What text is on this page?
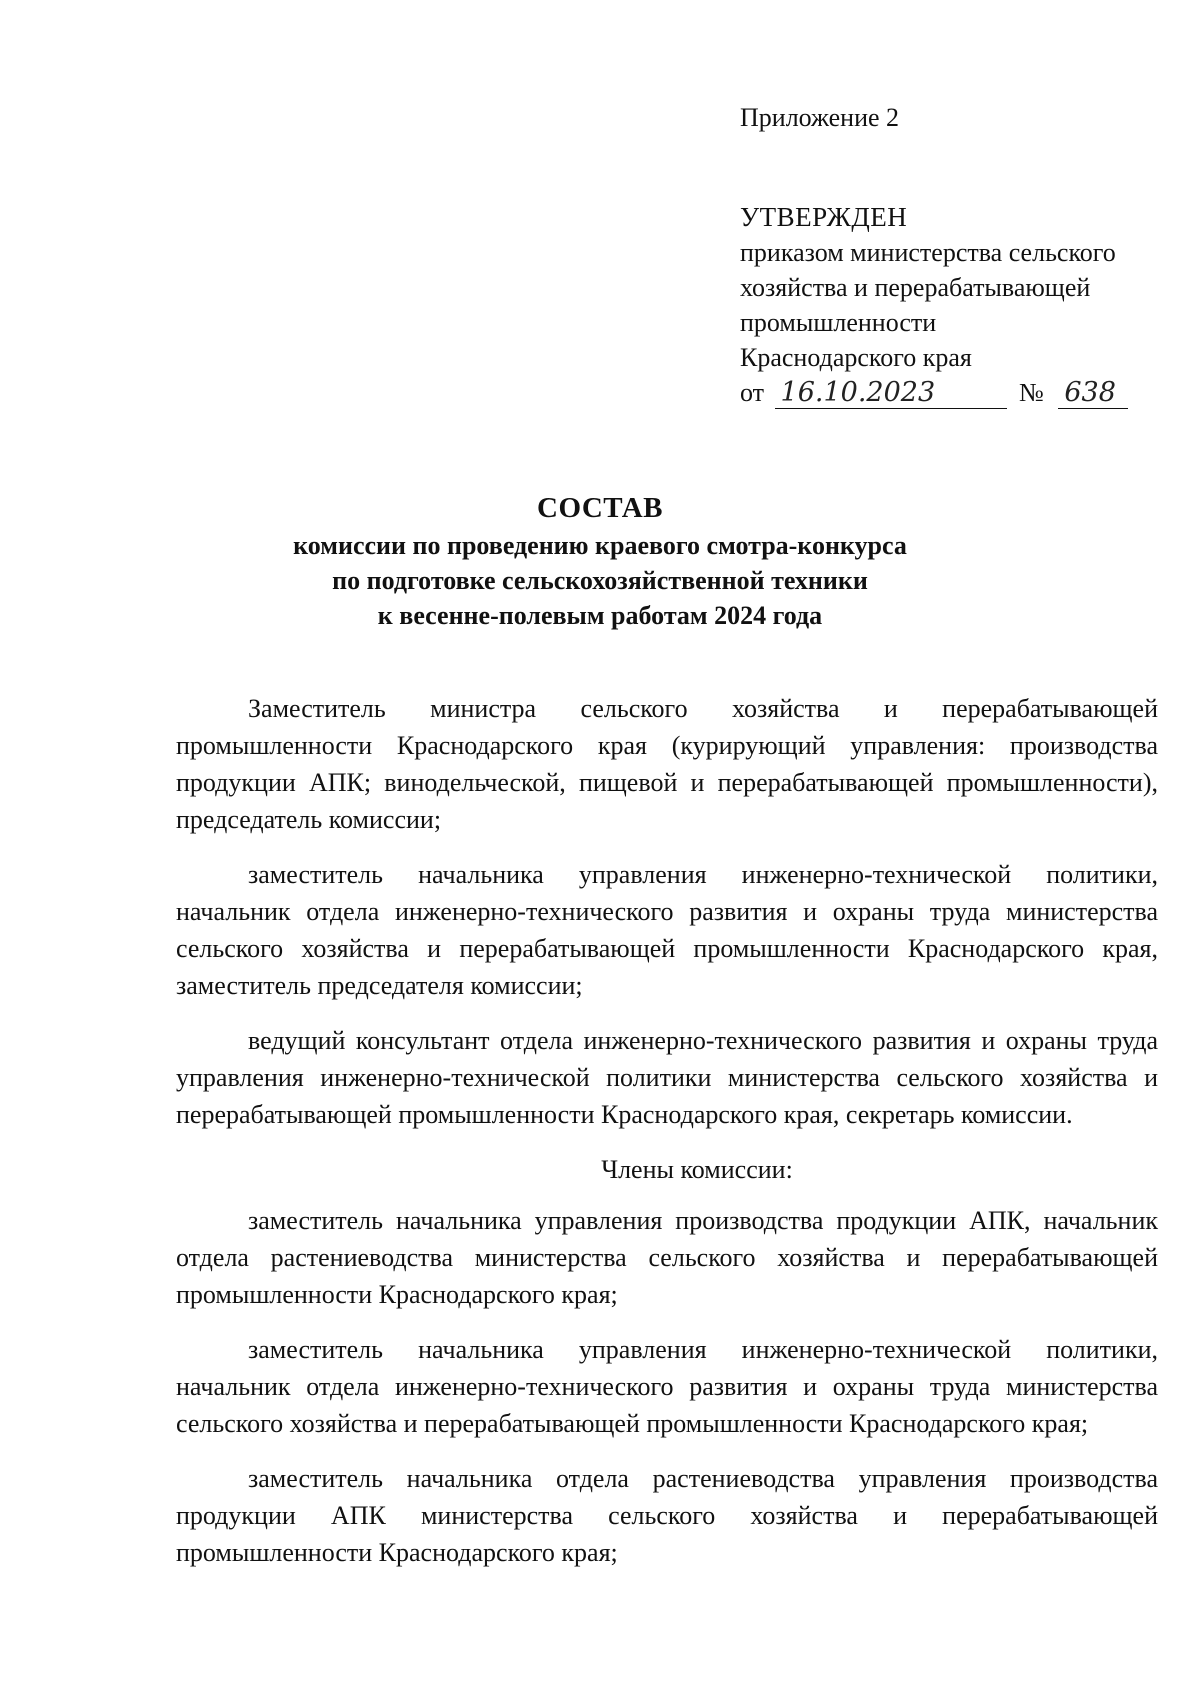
Приложение 2
УТВЕРЖДЕН
приказом министерства сельского
хозяйства и перерабатывающей
промышленности
Краснодарского края
от 16.10.2023	№ 638
СОСТАВ
комиссии по проведению краевого смотра-конкурса
по подготовке сельскохозяйственной техники
к весенне-полевым работам 2024 года

Заместитель министра сельского хозяйства и перерабатывающей промышленности Краснодарского края (курирующий управления: производства продукции АПК; винодельческой, пищевой и перерабатывающей промышленности), председатель комиссии;

заместитель начальника управления инженерно-технической политики, начальник отдела инженерно-технического развития и охраны труда министерства сельского хозяйства и перерабатывающей промышленности Краснодарского края, заместитель председателя комиссии;

ведущий консультант отдела инженерно-технического развития и охраны труда управления инженерно-технической политики министерства сельского хозяйства и перерабатывающей промышленности Краснодарского края, секретарь комиссии.

Члены комиссии:

заместитель начальника управления производства продукции АПК, начальник отдела растениеводства министерства сельского хозяйства и перерабатывающей промышленности Краснодарского края;

заместитель начальника управления инженерно-технической политики, начальник отдела инженерно-технического развития и охраны труда министерства сельского хозяйства и перерабатывающей промышленности Краснодарского края;

заместитель начальника отдела растениеводства управления производства продукции АПК министерства сельского хозяйства и перерабатывающей промышленности Краснодарского края;
